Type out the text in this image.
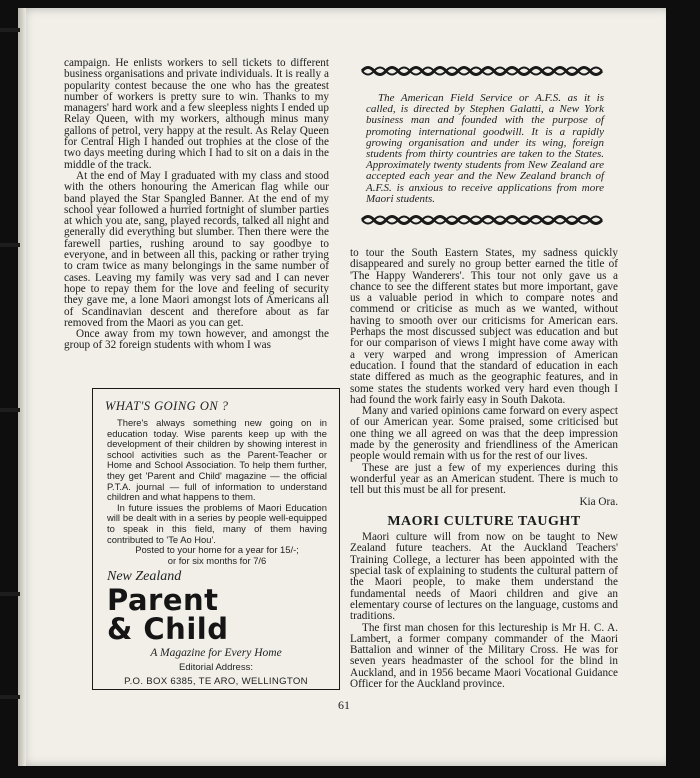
campaign. He enlists workers to sell tickets to different business organisations and private individuals. It is really a popularity contest because the one who has the greatest number of workers is pretty sure to win. Thanks to my managers' hard work and a few sleepless nights I ended up Relay Queen, with my workers, although minus many gallons of petrol, very happy at the result. As Relay Queen for Central High I handed out trophies at the close of the two days meeting during which I had to sit on a dais in the middle of the track.

At the end of May I graduated with my class and stood with the others honouring the American flag while our band played the Star Spangled Banner. At the end of my school year followed a hurried fortnight of slumber parties at which you ate, sang, played records, talked all night and generally did everything but slumber. Then there were the farewell parties, rushing around to say goodbye to everyone, and in between all this, packing or rather trying to cram twice as many belongings in the same number of cases. Leaving my family was very sad and I can never hope to repay them for the love and feeling of security they gave me, a lone Maori amongst lots of Americans all of Scandinavian descent and therefore about as far removed from the Maori as you can get.

Once away from my town however, and amongst the group of 32 foreign students with whom I was

The American Field Service or A.F.S. as it is called, is directed by Stephen Galatti, a New York business man and founded with the purpose of promoting international goodwill. It is a rapidly growing organisation and under its wing, foreign students from thirty countries are taken to the States. Approximately twenty students from New Zealand are accepted each year and the New Zealand branch of A.F.S. is anxious to receive applications from more Maori students.

to tour the South Eastern States, my sadness quickly disappeared and surely no group better earned the title of 'The Happy Wanderers'. This tour not only gave us a chance to see the different states but more important, gave us a valuable period in which to compare notes and commend or criticise as much as we wanted, without having to smooth over our criticisms for American ears. Perhaps the most discussed subject was education and but for our comparison of views I might have come away with a very warped and wrong impression of American education. I found that the standard of education in each state differed as much as the geographic features, and in some states the students worked very hard even though I had found the work fairly easy in South Dakota.

Many and varied opinions came forward on every aspect of our American year. Some praised, some criticised but one thing we all agreed on was that the deep impression made by the generosity and friendliness of the American people would remain with us for the rest of our lives.

These are just a few of my experiences during this wonderful year as an American student. There is much to tell but this must be all for present.

Kia Ora.

MAORI CULTURE TAUGHT

Maori culture will from now on be taught to New Zealand future teachers. At the Auckland Teachers' Training College, a lecturer has been appointed with the special task of explaining to students the cultural pattern of the Maori people, to make them understand the fundamental needs of Maori children and give an elementary course of lectures on the language, customs and traditions.

The first man chosen for this lectureship is Mr H. C. A. Lambert, a former company commander of the Maori Battalion and winner of the Military Cross. He was for seven years headmaster of the school for the blind in Auckland, and in 1956 became Maori Vocational Guidance Officer for the Auckland province.

WHAT'S GOING ON ?

There's always something new going on in education today. Wise parents keep up with the development of their children by showing interest in school activities such as the Parent-Teacher or Home and School Association. To help them further, they get 'Parent and Child' magazine — the official P.T.A. journal — full of information to understand children and what happens to them.

In future issues the problems of Maori Education will be dealt with in a series by people well-equipped to speak in this field, many of them having contributed to 'Te Ao Hou'.

Posted to your home for a year for 15/-;

or for six months for 7/6

New Zealand
Parent
& Child
A Magazine for Every Home
Editorial Address:
P.O. BOX 6385, TE ARO, WELLINGTON
61
